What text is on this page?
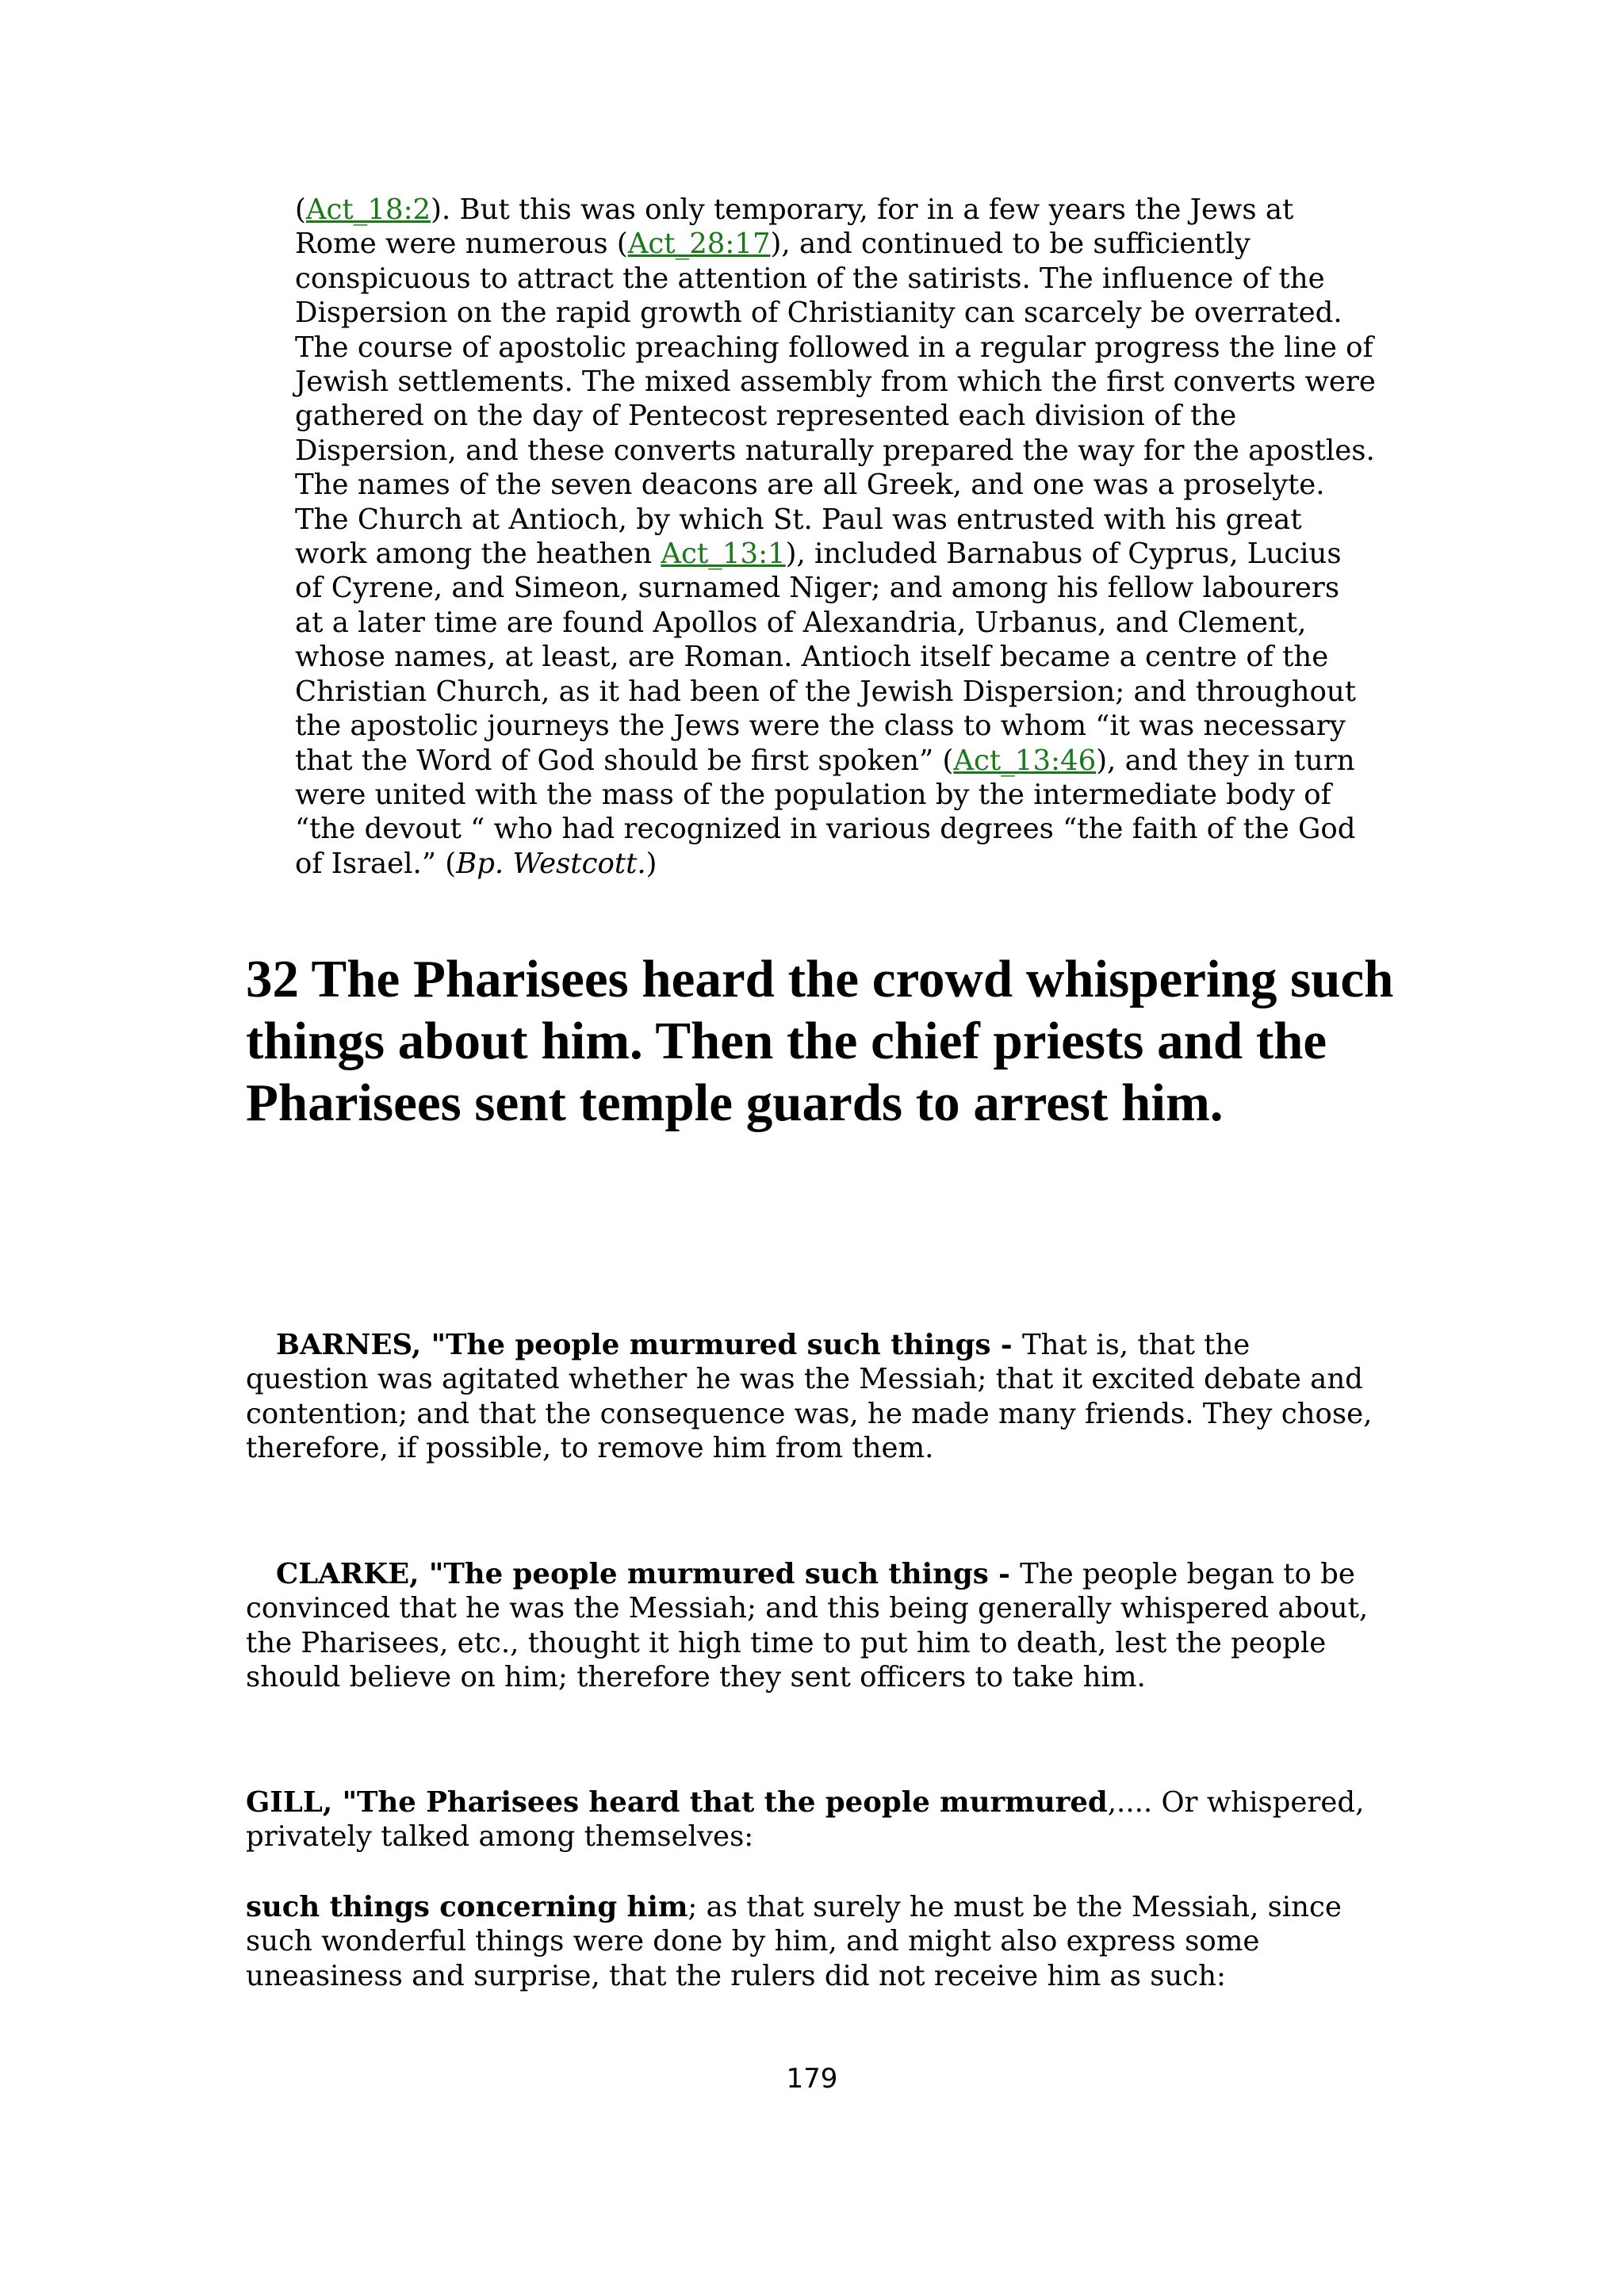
(Act_18:2). But this was only temporary, for in a few years the Jews at Rome were numerous (Act_28:17), and continued to be sufficiently conspicuous to attract the attention of the satirists. The influence of the Dispersion on the rapid growth of Christianity can scarcely be overrated. The course of apostolic preaching followed in a regular progress the line of Jewish settlements. The mixed assembly from which the first converts were gathered on the day of Pentecost represented each division of the Dispersion, and these converts naturally prepared the way for the apostles. The names of the seven deacons are all Greek, and one was a proselyte. The Church at Antioch, by which St. Paul was entrusted with his great work among the heathen Act_13:1), included Barnabus of Cyprus, Lucius of Cyrene, and Simeon, surnamed Niger; and among his fellow labourers at a later time are found Apollos of Alexandria, Urbanus, and Clement, whose names, at least, are Roman. Antioch itself became a centre of the Christian Church, as it had been of the Jewish Dispersion; and throughout the apostolic journeys the Jews were the class to whom “it was necessary that the Word of God should be first spoken” (Act_13:46), and they in turn were united with the mass of the population by the intermediate body of “the devout “ who had recognized in various degrees “the faith of the God of Israel.” (Bp. Westcott.)
32 The Pharisees heard the crowd whispering such things about him. Then the chief priests and the Pharisees sent temple guards to arrest him.
BARNES, "The people murmured such things - That is, that the question was agitated whether he was the Messiah; that it excited debate and contention; and that the consequence was, he made many friends. They chose, therefore, if possible, to remove him from them.
CLARKE, "The people murmured such things - The people began to be convinced that he was the Messiah; and this being generally whispered about, the Pharisees, etc., thought it high time to put him to death, lest the people should believe on him; therefore they sent officers to take him.
GILL, "The Pharisees heard that the people murmured,.... Or whispered, privately talked among themselves:
such things concerning him; as that surely he must be the Messiah, since such wonderful things were done by him, and might also express some uneasiness and surprise, that the rulers did not receive him as such:
179
